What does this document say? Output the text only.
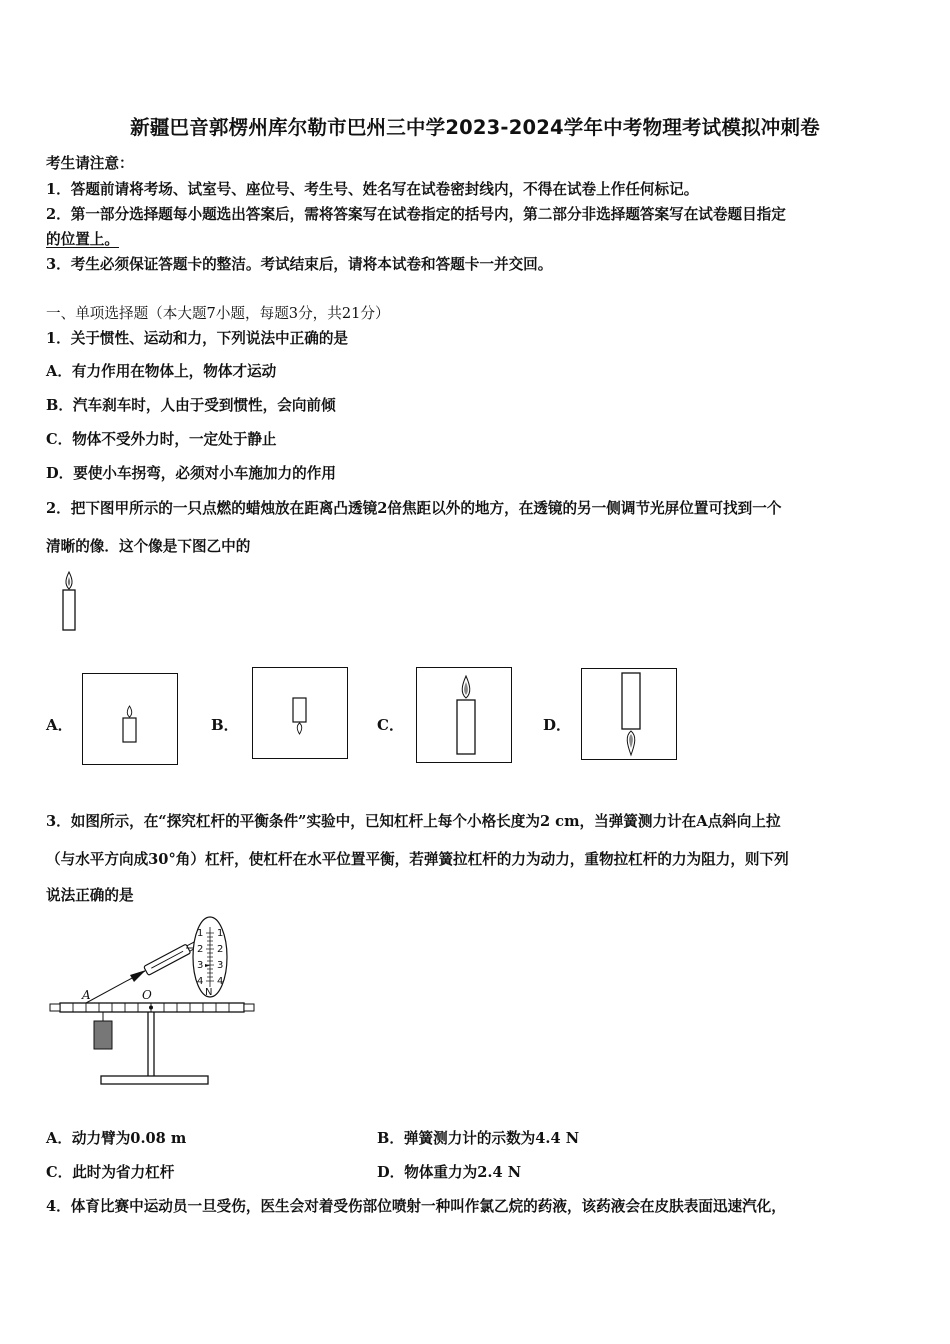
新疆巴音郭楞州库尔勒市巴州三中学2023-2024学年中考物理考试模拟冲刺卷
考生请注意：
1．答题前请将考场、试室号、座位号、考生号、姓名写在试卷密封线内，不得在试卷上作任何标记。
2．第一部分选择题每小题选出答案后，需将答案写在试卷指定的括号内，第二部分非选择题答案写在试卷题目指定
的位置上。
3．考生必须保证答题卡的整洁。考试结束后，请将本试卷和答题卡一并交回。
一、单项选择题（本大题7小题，每题3分，共21分）
1．关于惯性、运动和力，下列说法中正确的是
A．有力作用在物体上，物体才运动
B．汽车刹车时，人由于受到惯性，会向前倾
C．物体不受外力时，一定处于静止
D．要使小车拐弯，必须对小车施加力的作用
2．把下图甲所示的一只点燃的蜡烛放在距离凸透镜2倍焦距以外的地方，在透镜的另一侧调节光屏位置可找到一个
清晰的像．这个像是下图乙中的
A．	B．	C．	D．
3．如图所示，在“探究杠杆的平衡条件”实验中，已知杠杆上每个小格长度为2 cm，当弹簧测力计在A点斜向上拉
（与水平方向成30°角）杠杆，使杠杆在水平位置平衡，若弹簧拉杠杆的力为动力，重物拉杠杆的力为阻力，则下列
说法正确的是
1
2
3
4
1
2
3
4
N
A	O
A．动力臂为0.08 m	B．弹簧测力计的示数为4.4 N
C．此时为省力杠杆	D．物体重力为2.4 N
4．体育比赛中运动员一旦受伤，医生会对着受伤部位喷射一种叫作氯乙烷的药液，该药液会在皮肤表面迅速汽化，
